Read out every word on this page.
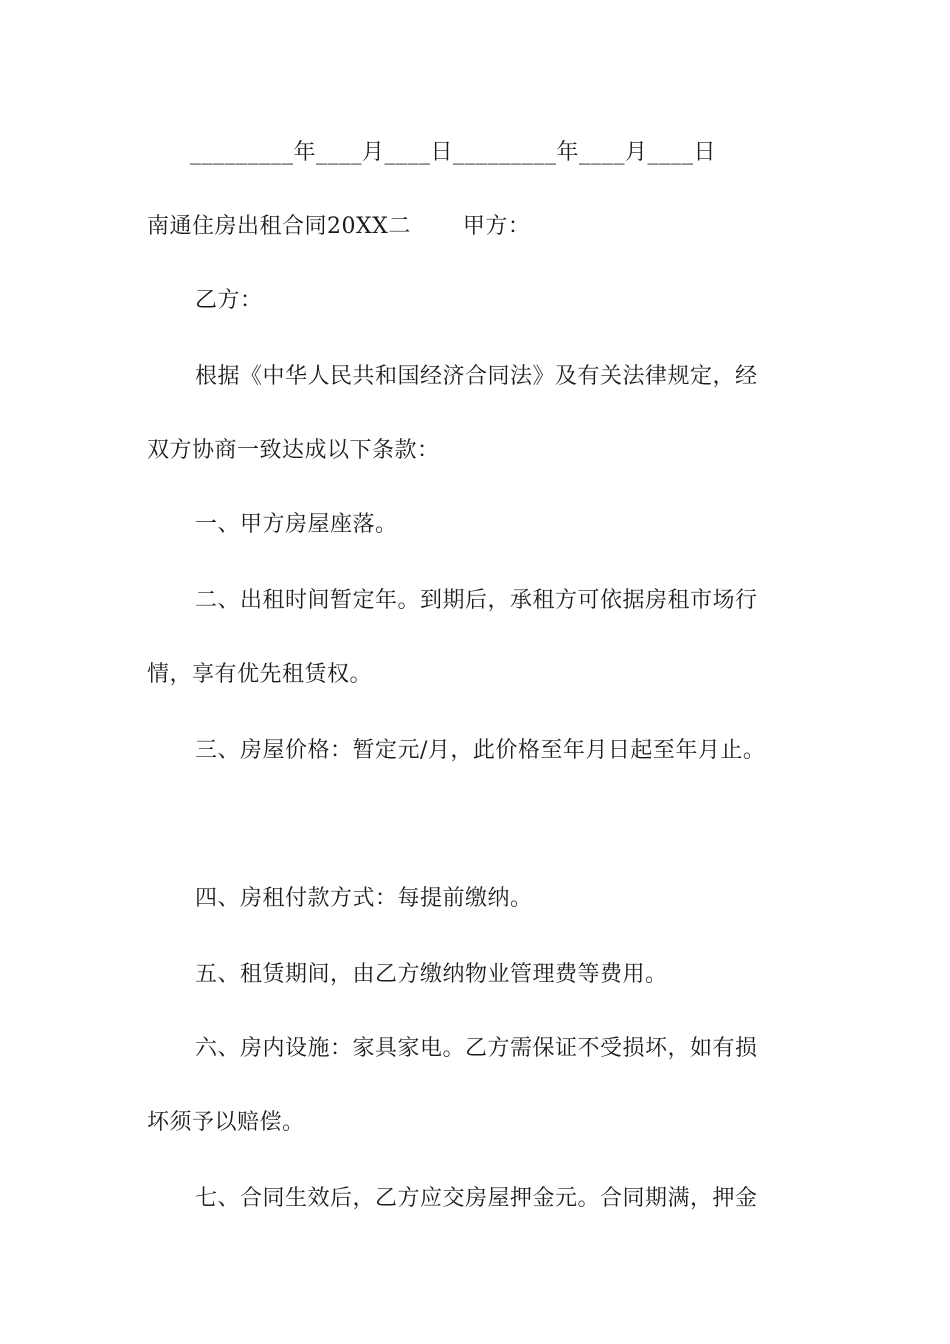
_________年____月____日_________年____月____日
南通住房出租合同20XX二 甲方：
乙方：
根据《中华人民共和国经济合同法》及有关法律规定，经
双方协商一致达成以下条款：
一、甲方房屋座落。
二、出租时间暂定年。到期后，承租方可依据房租市场行
情，享有优先租赁权。
三、房屋价格：暂定元/月，此价格至年月日起至年月止。
四、房租付款方式：每提前缴纳。
五、租赁期间，由乙方缴纳物业管理费等费用。
六、房内设施：家具家电。乙方需保证不受损坏，如有损
坏须予以赔偿。
七、合同生效后，乙方应交房屋押金元。合同期满，押金
